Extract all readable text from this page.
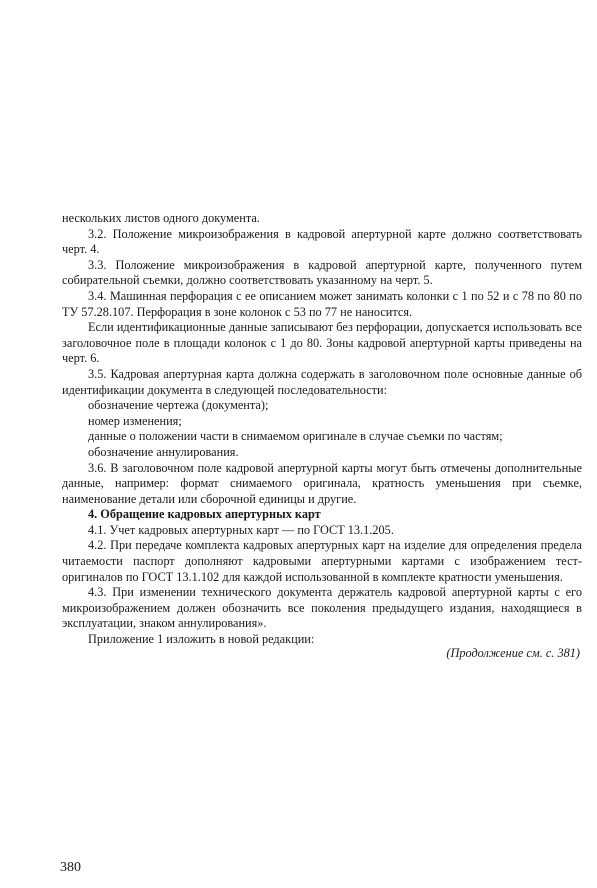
нескольких листов одного документа.

3.2. Положение микроизображения в кадровой апертурной карте должно соответствовать черт. 4.

3.3. Положение микроизображения в кадровой апертурной карте, полученного путем собирательной съемки, должно соответствовать указанному на черт. 5.

3.4. Машинная перфорация с ее описанием может занимать колонки с 1 по 52 и с 78 по 80 по ТУ 57.28.107. Перфорация в зоне колонок с 53 по 77 не наносится.

Если идентификационные данные записывают без перфорации, допускается использовать все заголовочное поле в площади колонок с 1 до 80. Зоны кадровой апертурной карты приведены на черт. 6.

3.5. Кадровая апертурная карта должна содержать в заголовочном поле основные данные об идентификации документа в следующей последовательности:

обозначение чертежа (документа);

номер изменения;

данные о положении части в снимаемом оригинале в случае съемки по частям;

обозначение аннулирования.

3.6. В заголовочном поле кадровой апертурной карты могут быть отмечены дополнительные данные, например: формат снимаемого оригинала, кратность уменьшения при съемке, наименование детали или сборочной единицы и другие.

4. Обращение кадровых апертурных карт

4.1. Учет кадровых апертурных карт — по ГОСТ 13.1.205.

4.2. При передаче комплекта кадровых апертурных карт на изделие для определения предела читаемости паспорт дополняют кадровыми апертурными картами с изображением тест-оригиналов по ГОСТ 13.1.102 для каждой использованной в комплекте кратности уменьшения.

4.3. При изменении технического документа держатель кадровой апертурной карты с его микроизображением должен обозначить все поколения предыдущего издания, находящиеся в эксплуатации, знаком аннулирования».

Приложение 1 изложить в новой редакции:

(Продолжение см. с. 381)
380
